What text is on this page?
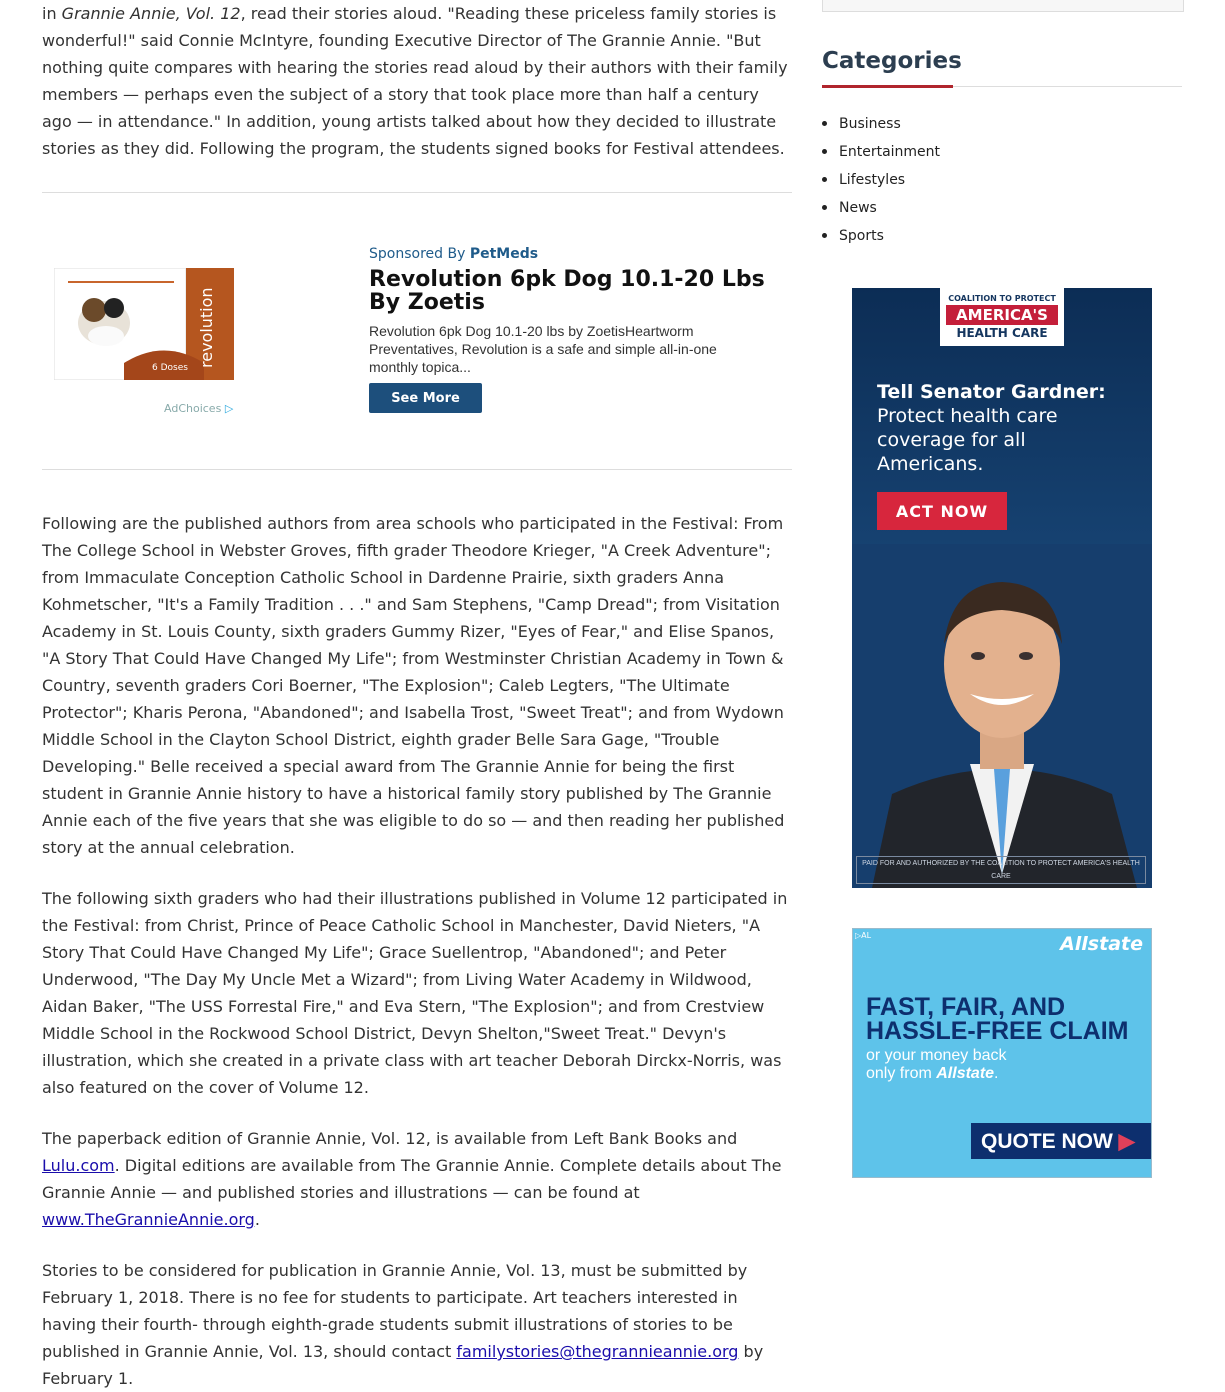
in Grannie Annie, Vol. 12, read their stories aloud. "Reading these priceless family stories is wonderful!" said Connie McIntyre, founding Executive Director of The Grannie Annie. "But nothing quite compares with hearing the stories read aloud by their authors with their family members — perhaps even the subject of a story that took place more than half a century ago — in attendance." In addition, young artists talked about how they decided to illustrate stories as they did. Following the program, the students signed books for Festival attendees.

6 Doses revolution
AdChoices ▷
Sponsored By PetMeds
Revolution 6pk Dog 10.1-20 Lbs By Zoetis
Revolution 6pk Dog 10.1-20 lbs by ZoetisHeartworm Preventatives, Revolution is a safe and simple all-in-one monthly topica...
See More

Following are the published authors from area schools who participated in the Festival: From The College School in Webster Groves, fifth grader Theodore Krieger, "A Creek Adventure"; from Immaculate Conception Catholic School in Dardenne Prairie, sixth graders Anna Kohmetscher, "It's a Family Tradition . . ." and Sam Stephens, "Camp Dread"; from Visitation Academy in St. Louis County, sixth graders Gummy Rizer, "Eyes of Fear," and Elise Spanos, "A Story That Could Have Changed My Life"; from Westminster Christian Academy in Town & Country, seventh graders Cori Boerner, "The Explosion"; Caleb Legters, "The Ultimate Protector"; Kharis Perona, "Abandoned"; and Isabella Trost, "Sweet Treat"; and from Wydown Middle School in the Clayton School District, eighth grader Belle Sara Gage, "Trouble Developing." Belle received a special award from The Grannie Annie for being the first student in Grannie Annie history to have a historical family story published by The Grannie Annie each of the five years that she was eligible to do so — and then reading her published story at the annual celebration.

The following sixth graders who had their illustrations published in Volume 12 participated in the Festival: from Christ, Prince of Peace Catholic School in Manchester, David Nieters, "A Story That Could Have Changed My Life"; Grace Suellentrop, "Abandoned"; and Peter Underwood, "The Day My Uncle Met a Wizard"; from Living Water Academy in Wildwood, Aidan Baker, "The USS Forrestal Fire," and Eva Stern, "The Explosion"; and from Crestview Middle School in the Rockwood School District, Devyn Shelton,"Sweet Treat." Devyn's illustration, which she created in a private class with art teacher Deborah Dirckx-Norris, was also featured on the cover of Volume 12.

The paperback edition of Grannie Annie, Vol. 12, is available from Left Bank Books and Lulu.com. Digital editions are available from The Grannie Annie. Complete details about The Grannie Annie — and published stories and illustrations — can be found at www.TheGrannieAnnie.org.

Stories to be considered for publication in Grannie Annie, Vol. 13, must be submitted by February 1, 2018. There is no fee for students to participate. Art teachers interested in having their fourth- through eighth-grade students submit illustrations of stories to be published in Grannie Annie, Vol. 13, should contact familystories@thegrannieannie.org by February 1.

Categories
Business
Entertainment
Lifestyles
News
Sports
COALITION TO PROTECT
AMERICA'S
HEALTH CARE
Tell Senator Gardner:
Protect health care coverage for all Americans.
ACT NOW
PAID FOR AND AUTHORIZED BY THE COALITION TO PROTECT AMERICA'S HEALTH CARE
▷AL	Allstate
FAST, FAIR, AND
HASSLE-FREE CLAIM
or your money back
only from Allstate.
QUOTE NOW ▶
